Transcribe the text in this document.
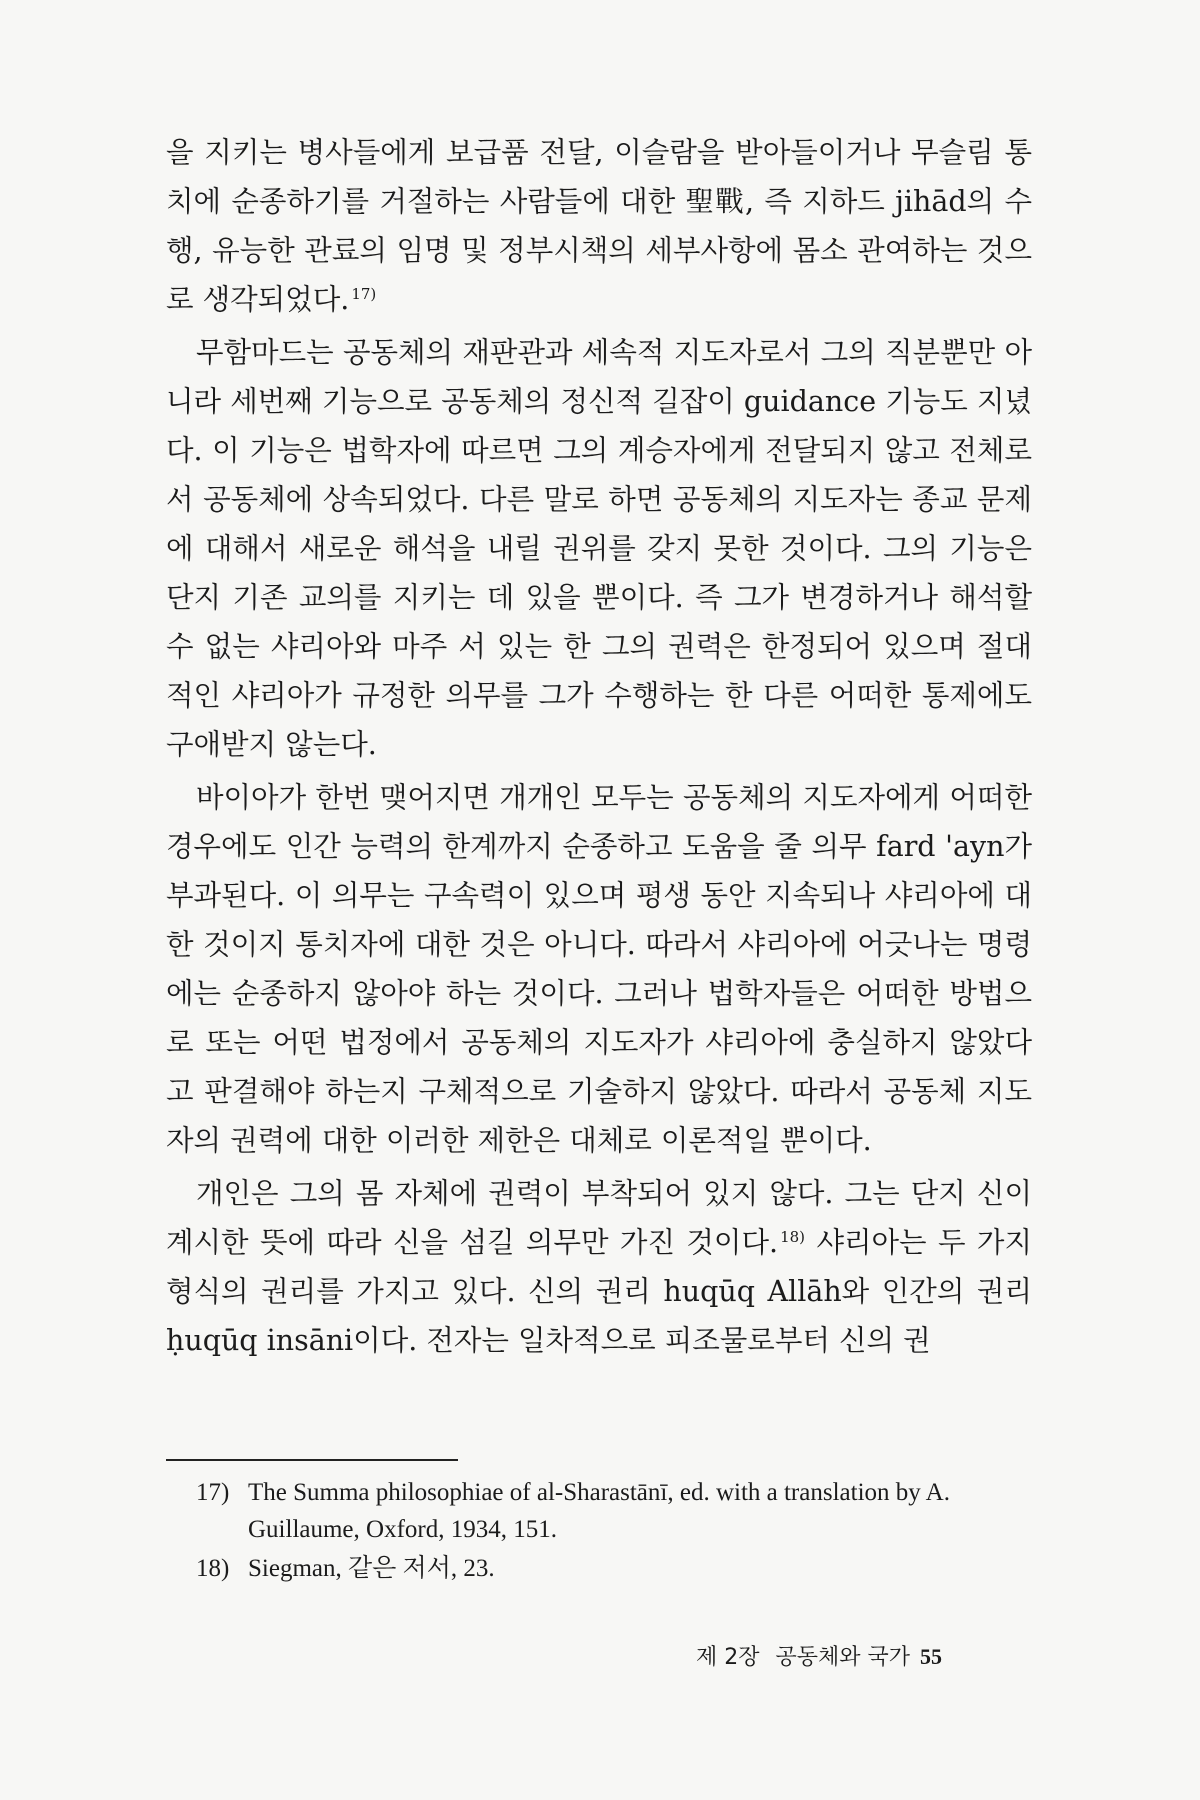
을 지키는 병사들에게 보급품 전달, 이슬람을 받아들이거나 무슬림 통치에 순종하기를 거절하는 사람들에 대한 聖戰, 즉 지하드 jihād의 수행, 유능한 관료의 임명 및 정부시책의 세부사항에 몸소 관여하는 것으로 생각되었다. $^{17)}$

무함마드는 공동체의 재판관과 세속적 지도자로서 그의 직분뿐만 아니라 세번째 기능으로 공동체의 정신적 길잡이 guidance 기능도 지녔다. 이 기능은 법학자에 따르면 그의 계승자에게 전달되지 않고 전체로서 공동체에 상속되었다. 다른 말로 하면 공동체의 지도자는 종교 문제에 대해서 새로운 해석을 내릴 권위를 갖지 못한 것이다. 그의 기능은 단지 기존 교의를 지키는 데 있을 뿐이다. 즉 그가 변경하거나 해석할 수 없는 샤리아와 마주 서 있는 한 그의 권력은 한정되어 있으며 절대적인 샤리아가 규정한 의무를 그가 수행하는 한 다른 어떠한 통제에도 구애받지 않는다.

바이아가 한번 맺어지면 개개인 모두는 공동체의 지도자에게 어떠한 경우에도 인간 능력의 한계까지 순종하고 도움을 줄 의무 fard 'ayn가 부과된다. 이 의무는 구속력이 있으며 평생 동안 지속되나 샤리아에 대한 것이지 통치자에 대한 것은 아니다. 따라서 샤리아에 어긋나는 명령에는 순종하지 않아야 하는 것이다. 그러나 법학자들은 어떠한 방법으로 또는 어떤 법정에서 공동체의 지도자가 샤리아에 충실하지 않았다고 판결해야 하는지 구체적으로 기술하지 않았다. 따라서 공동체 지도자의 권력에 대한 이러한 제한은 대체로 이론적일 뿐이다.

개인은 그의 몸 자체에 권력이 부착되어 있지 않다. 그는 단지 신이 계시한 뜻에 따라 신을 섬길 의무만 가진 것이다. $^{18)}$ 샤리아는 두 가지 형식의 권리를 가지고 있다. 신의 권리 huqūq Allāh와 인간의 권리 ḥuqūq insāni이다. 전자는 일차적으로 피조물로부터 신의 권

17) The Summa philosophiae of al-Sharastānī, ed. with a translation by A. Guillaume, Oxford, 1934, 151.
18) Siegman, 같은 저서, 23.
제 2장 공동체와 국가 55
